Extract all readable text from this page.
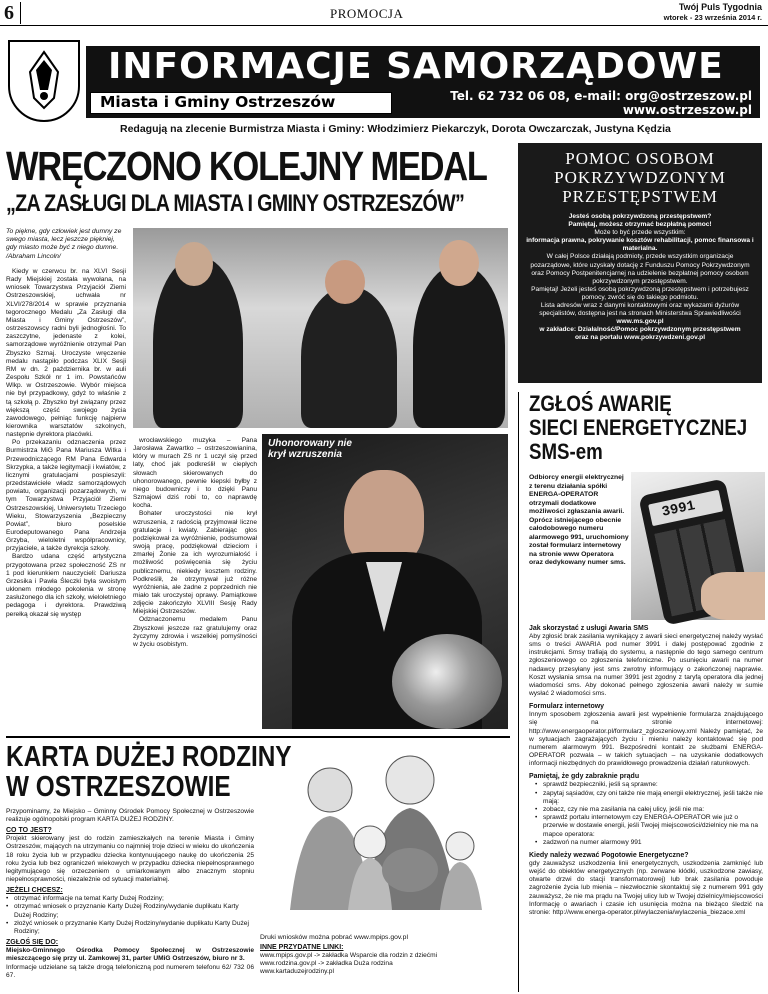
6	PROMOCJA	Twój Puls Tygodnia
wtorek - 23 września 2014 r.
INFORMACJE SAMORZĄDOWE
Miasta i Gminy Ostrzeszów	Tel. 62 732 06 08, e-mail: org@ostrzeszow.pl
www.ostrzeszow.pl
Redagują na zlecenie Burmistrza Miasta i Gminy: Włodzimierz Piekarczyk, Dorota Owczarczak, Justyna Kędzia
WRĘCZONO KOLEJNY MEDAL
„ZA ZASŁUGI DLA MIASTA I GMINY OSTRZESZÓW”
To piękne, gdy człowiek jest dumny ze swego miasta, lecz jeszcze piękniej, gdy miasto może być z niego dumne. /Abraham Lincoln/

wrocławskiego muzyka – Pana Jarosława Zawartko – ostrzeszowianina, który w murach ZS nr 1 uczył się przed laty, choć jak podkreślił w ciepłych słowach skierowanych do uhonorowanego, pewnie kiepski byłby z niego budowniczy i to dzięki Panu Szmajowi dziś robi to, co naprawdę kocha.

Bohater uroczystości nie krył wzruszenia, z radością przyjmował liczne gratulacje i kwiaty. Zabierając głos podziękował za wyróżnienie, podsumował swoją pracę, podziękował dzieciom i zmarłej Żonie za ich wyrozumiałość i możliwość poświęcenia się życiu publicznemu, niekiedy kosztem rodziny. Podkreślił, że otrzymywał już różne wyróżnienia, ale żadne z poprzednich nie miało tak uroczystej oprawy. Pamiątkowe zdjęcie zakończyło XLVIII Sesję Rady Miejskiej Ostrzeszów.

Odznaczonemu medalem Panu Zbyszkowi jeszcze raz gratulujemy oraz życzymy zdrowia i wszelkiej pomyślności w życiu osobistym.

Uhonorowany nie krył wzruszenia

Kiedy w czerwcu br. na XLVI Sesji Rady Miejskiej została wywołana, na wniosek Towarzystwa Przyjaciół Ziemi Ostrzeszowskiej, uchwała nr XLVI/278/2014 w sprawie przyznania tegorocznego Medalu „Za Zasługi dla Miasta i Gminy Ostrzeszów”, ostrzeszowscy radni byli jednogłośni. To zaszczytne, jedenaste z kolei, samorządowe wyróżnienie otrzymał Pan Zbyszko Szmaj. Uroczyste wręczenie medalu nastąpiło podczas XLIX Sesji RM w dn. 2 października br. w auli Zespołu Szkół nr 1 im. Powstańców Wlkp. w Ostrzeszowie. Wybór miejsca nie był przypadkowy, gdyż to właśnie z tą szkołą p. Zbyszko był związany przez większą część swojego życia zawodowego, pełniąc funkcję najpierw kierownika warsztatów szkolnych, następnie dyrektora placówki.

Po przekazaniu odznaczenia przez Burmistrza MiG Pana Mariusza Witka i Przewodniczącego RM Pana Edwarda Skrzypka, a także legitymacji i kwiatów, z licznymi gratulacjami pospieszyli: przedstawiciele władz samorządowych powiatu, organizacji pozarządowych, w tym Towarzystwa Przyjaciół Ziemi Ostrzeszowskiej, Uniwersytetu Trzeciego Wieku, Stowarzyszenia „Bezpieczny Powiat”, biuro poselskie Eurodeputowanego Pana Andrzeja Grzyba, wieloletni współpracownicy, przyjaciele, a także dyrekcja szkoły.

Bardzo udana część artystyczna przygotowana przez społeczność ZS nr 1 pod kierunkiem nauczycieli: Dariusza Grzesika i Pawła Śleczki była swoistym ukłonem młodego pokolenia w stronę zasłużonego dla ich szkoły, wieloletniego pedagoga i dyrektora. Prawdziwą perełką okazał się występ

POMOC OSOBOM
POKRZYWDZONYM
PRZESTĘPSTWEM
Jesteś osobą pokrzywdzoną przestępstwem?
Pamiętaj, możesz otrzymać bezpłatną pomoc!
Może to być przede wszystkim:
informacja prawna, pokrywanie kosztów rehabilitacji, pomoc finansowa i materialna.
W całej Polsce działają podmioty, przede wszystkim organizacje pozarządowe, które uzyskały dotację z Funduszu Pomocy Pokrzywdzonym oraz Pomocy Postpenitencjarnej na udzielenie bezpłatnej pomocy osobom pokrzywdzonym przestępstwem.
Pamiętaj! Jeżeli jesteś osobą pokrzywdzoną przestępstwem i potrzebujesz pomocy, zwróć się do takiego podmiotu.
Lista adresów wraz z danymi kontaktowymi oraz wykazami dyżurów specjalistów, dostępna jest na stronach Ministerstwa Sprawiedliwości
www.ms.gov.pl
w zakładce: Działalność/Pomoc pokrzywdzonym przestępstwem
oraz na portalu www.pokrzywdzeni.gov.pl
ZGŁOŚ AWARIĘ
SIECI ENERGETYCZNEJ
SMS-em
3991
Odbiorcy energii elektrycznej z terenu działania spółki ENERGA-OPERATOR otrzymali dodatkowe możliwości zgłaszania awarii. Oprócz istniejącego obecnie całodobowego numeru alarmowego 991, uruchomiony został formularz internetowy na stronie www Operatora oraz dedykowany numer sms.
Jak skorzystać z usługi Awaria SMS

Aby zgłosić brak zasilania wynikający z awarii sieci energetycznej należy wysłać sms o treści AWARIA pod numer 3991 i dalej postępować zgodnie z instrukcjami. Smsy trafiają do systemu, a następnie do tego samego centrum zgłoszeniowego co zgłoszenia telefoniczne. Po usunięciu awarii na numer nadawcy przesyłany jest sms zwrotny informujący o zakończonej naprawie. Koszt wysłania smsa na numer 3991 jest zgodny z taryfą operatora dla jednej wiadomości sms. Aby dokonać pełnego zgłoszenia awarii należy w sumie wysłać 2 wiadomości sms.

Formularz internetowy

Innym sposobem zgłoszenia awarii jest wypełnienie formularza znajdującego się na stronie internetowej: http://www.energaoperator.pl/formularz_zgloszeniowy.xml Należy pamiętać, że w sytuacjach zagrażających życiu i mieniu należy kontaktować się pod numerem alarmowym 991. Bezpośredni kontakt ze służbami ENERGA-OPERATOR pozwala – w takich sytuacjach – na uzyskanie dodatkowych informacji niezbędnych do prawidłowego prowadzenia działań ratunkowych.

Pamiętaj, że gdy zabraknie prądu
• sprawdź bezpieczniki, jeśli są sprawne:
• zapytaj sąsiadów, czy oni także nie mają energii elektrycznej, jeśli także nie mają:
• zobacz, czy nie ma zasilania na całej ulicy, jeśli nie ma:
• sprawdź portalu internetowym czy ENERGA-OPERATOR wie już o przerwie w dostawie energii, jeśli Twojej miejscowości/dzielnicy nie ma na mapce operatora:
• zadzwoń na numer alarmowy 991
Kiedy należy wezwać Pogotowie Energetyczne?

gdy zauważysz uszkodzenia linii energetycznych, uszkodzenia zamknięć lub wejść do obiektów energetycznych (np. zerwane kłódki, uszkodzone zawiasy, otwarte drzwi do stacji transformatorowej) lub brak zasilania powoduje zagrożenie życia lub mienia – niezwłocznie skontaktuj się z numerem 991 gdy zauważysz, że nie ma prądu na Twojej ulicy lub w Twojej dzielnicy/miejscowości Informację o awariach i czasie ich usunięcia można na bieżąco śledzić na stronie: http://www.energa-operator.pl/wylaczenia/wylaczenia_biezace.xml

KARTA DUŻEJ RODZINY
W OSTRZESZOWIE

Przypominamy, że Miejsko – Gminny Ośrodek Pomocy Społecznej w Ostrzeszowie realizuje ogólnopolski program KARTA DUŻEJ RODZINY.

CO TO JEST?

Projekt skierowany jest do rodzin zamieszkałych na terenie Miasta i Gminy Ostrzeszów, mających na utrzymaniu co najmniej troje dzieci w wieku do ukończenia 18 roku życia lub w przypadku dziecka kontynuującego naukę do ukończenia 25 roku życia lub bez ograniczeń wiekowych w przypadku dziecka niepełnosprawnego legitymującego się orzeczeniem o umiarkowanym albo znacznym stopniu niepełnosprawności, niezależnie od sytuacji materialnej.

JEŻELI CHCESZ:
• otrzymać informacje na temat Karty Dużej Rodziny;
• otrzymać wniosek o przyznanie Karty Dużej Rodziny/wydanie duplikatu Karty Dużej Rodziny;
• złożyć wniosek o przyznanie Karty Dużej Rodziny/wydanie duplikatu Karty Dużej Rodziny;
ZGŁOŚ SIĘ DO:

Miejsko-Gminnego Ośrodka Pomocy Społecznej w Ostrzeszowie mieszczącego się przy ul. Zamkowej 31, parter UMiG Ostrzeszów, biuro nr 3.

Informacje udzielane są także drogą telefoniczną pod numerem telefonu 62/ 732 06 67.

Druki wniosków można pobrać www.mpips.gov.pl
INNE PRZYDATNE LINKI:
www.mpips.gov.pl -> zakładka Wsparcie dla rodzin z dziećmi
www.rodzina.gov.pl -> zakładka Duża rodzina
www.kartaduzejrodziny.pl
